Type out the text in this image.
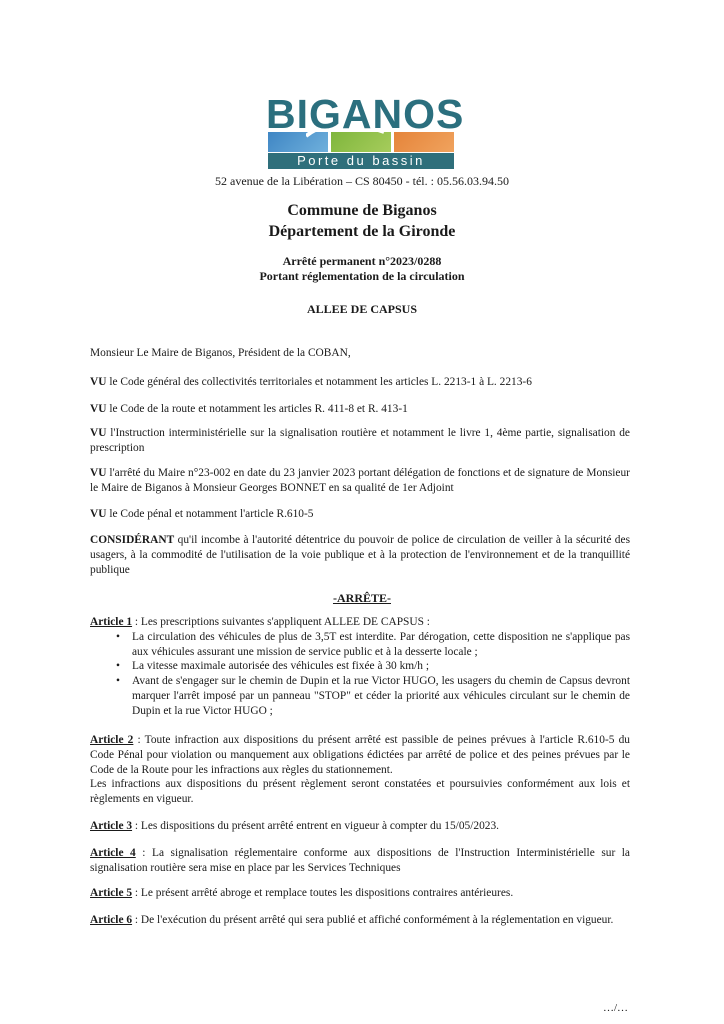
BIGANOS
Porte du bassin
52 avenue de la Libération – CS 80450 - tél. : 05.56.03.94.50
Commune de Biganos
Département de la Gironde
Arrêté permanent n°2023/0288
Portant réglementation de la circulation
ALLEE DE CAPSUS
Monsieur Le Maire de Biganos, Président de la COBAN,
VU le Code général des collectivités territoriales et notamment les articles L. 2213-1 à L. 2213-6
VU le Code de la route et notamment les articles R. 411-8 et R. 413-1
VU l'Instruction interministérielle sur la signalisation routière et notamment le livre 1, 4ème partie, signalisation de prescription
VU l'arrêté du Maire n°23-002 en date du 23 janvier 2023 portant délégation de fonctions et de signature de Monsieur le Maire de Biganos à Monsieur Georges BONNET en sa qualité de 1er Adjoint
VU le Code pénal et notamment l'article R.610-5
CONSIDÉRANT qu'il incombe à l'autorité détentrice du pouvoir de police de circulation de veiller à la sécurité des usagers, à la commodité de l'utilisation de la voie publique et à la protection de l'environnement et de la tranquillité publique
-ARRÊTE-
Article 1 : Les prescriptions suivantes s'appliquent ALLEE DE CAPSUS :
• La circulation des véhicules de plus de 3,5T est interdite. Par dérogation, cette disposition ne s'applique pas aux véhicules assurant une mission de service public et à la desserte locale ;
• La vitesse maximale autorisée des véhicules est fixée à 30 km/h ;
• Avant de s'engager sur le chemin de Dupin et la rue Victor HUGO, les usagers du chemin de Capsus devront marquer l'arrêt imposé par un panneau "STOP" et céder la priorité aux véhicules circulant sur le chemin de Dupin et la rue Victor HUGO ;
Article 2 : Toute infraction aux dispositions du présent arrêté est passible de peines prévues à l'article R.610-5 du Code Pénal pour violation ou manquement aux obligations édictées par arrêté de police et des peines prévues par le Code de la Route pour les infractions aux règles du stationnement.
Les infractions aux dispositions du présent règlement seront constatées et poursuivies conformément aux lois et règlements en vigueur.
Article 3 : Les dispositions du présent arrêté entrent en vigueur à compter du 15/05/2023.
Article 4 : La signalisation réglementaire conforme aux dispositions de l'Instruction Interministérielle sur la signalisation routière sera mise en place par les Services Techniques
Article 5 : Le présent arrêté abroge et remplace toutes les dispositions contraires antérieures.
Article 6 : De l'exécution du présent arrêté qui sera publié et affiché conformément à la réglementation en vigueur.
…/…
